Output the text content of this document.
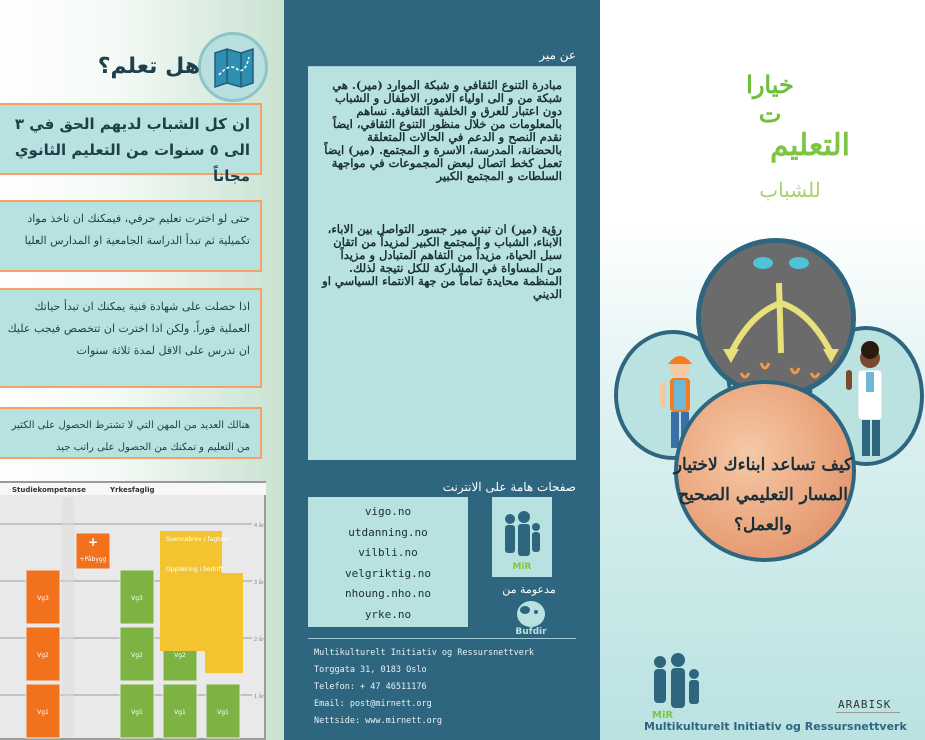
هل تعلم؟
ان كل الشباب لديهم الحق في ٣ الى ٥ سنوات من التعليم الثانوي مجاناً
حتى لو اخترت تعليم حرفي، فيمكنك ان تاخذ مواد تكميلية ثم تبدأ الدراسة الجامعية او المدارس العليا
اذا حصلت على شهادة فنية يمكنك ان تبدأ حياتك العملية فوراً. ولكن اذا اخترت ان تتخصص فيجب عليك ان تدرس على الاقل لمدة ثلاثة سنوات
هنالك العديد من المهن التي لا تشترط الحصول على الكثير من التعليم و تمكنك من الحصول على راتب جيد
Studiekompetanse	Yrkesfaglig
4 år
3 år
2 år
1 år
Vg1
Vg2
Vg3
+Påbygg
Vg1
Vg2
Vg3
Vg1
Vg2
Vg1
+	Svennebrev / fagbrev
Opplæring i bedrift
عن مير

مبادرة التنوع الثقافي و شبكة الموارد (مير). هي شبكة من و الى اولياء الامور، الاطفال و الشباب دون اعتبار للعرق و الخلفية الثقافية. نساهم بالمعلومات من خلال منظور التنوع الثقافي، ايضاً نقدم النصح و الدعم في الحالات المتعلقة بالحضانة، المدرسة، الاسرة و المجتمع. (مير) ايضاً تعمل كخط اتصال لبعض المجموعات في مواجهة السلطات و المجتمع الكبير

رؤية (مير) ان تبني مير جسور التواصل بين الاباء، الابناء، الشباب و المجتمع الكبير لمزيداً من اتقان سبل الحياة، مزيداً من التفاهم المتبادل و مزيداً من المساواة في المشاركة للكل نتيجة لذلك. المنظمة محايدة تماماً من جهة الانتماء السياسي او الديني

صفحات هامة على الانترنت
vigo.no
utdanning.no
vilbli.no
velgriktig.no
nhoung.nho.no
yrke.no
MiR
مدعومة من
Bufdir
Multikulturelt Initiativ og Ressursnettverk
Torggata 31, 0183 Oslo
Telefon: + 47 46511176
Email: post@mirnett.org
Nettside: www.mirnett.org
خيارا ت
التعليم
للشباب
كيف تساعد ابناءك لاختيار المسار التعليمي الصحيح والعمل؟
MiR
Multikulturelt Initiativ og Ressursnettverk
ARABISK
